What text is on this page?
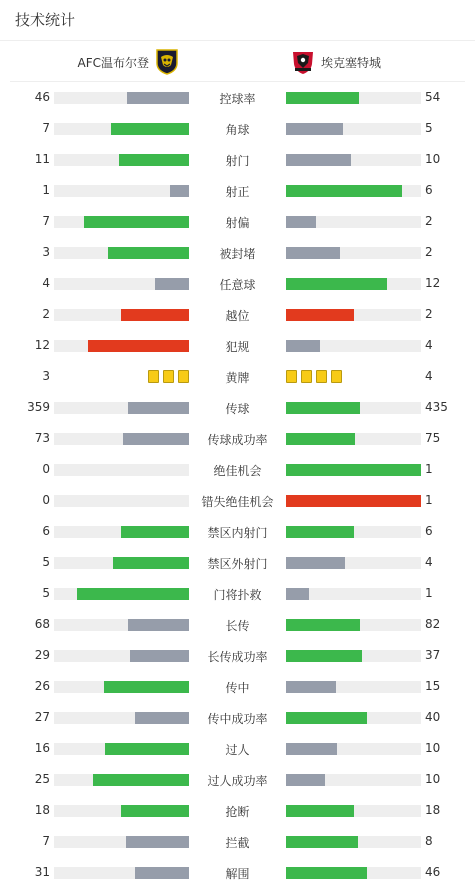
技术统计
AFC温布尔登	埃克塞特城
46	控球率	54
7	角球	5
11	射门	10
1	射正	6
7	射偏	2
3	被封堵	2
4	任意球	12
2	越位	2
12	犯规	4
3	黄牌	4
359	传球	435
73	传球成功率	75
0	绝佳机会	1
0	错失绝佳机会	1
6	禁区内射门	6
5	禁区外射门	4
5	门将扑救	1
68	长传	82
29	长传成功率	37
26	传中	15
27	传中成功率	40
16	过人	10
25	过人成功率	10
18	抢断	18
7	拦截	8
31	解围	46
